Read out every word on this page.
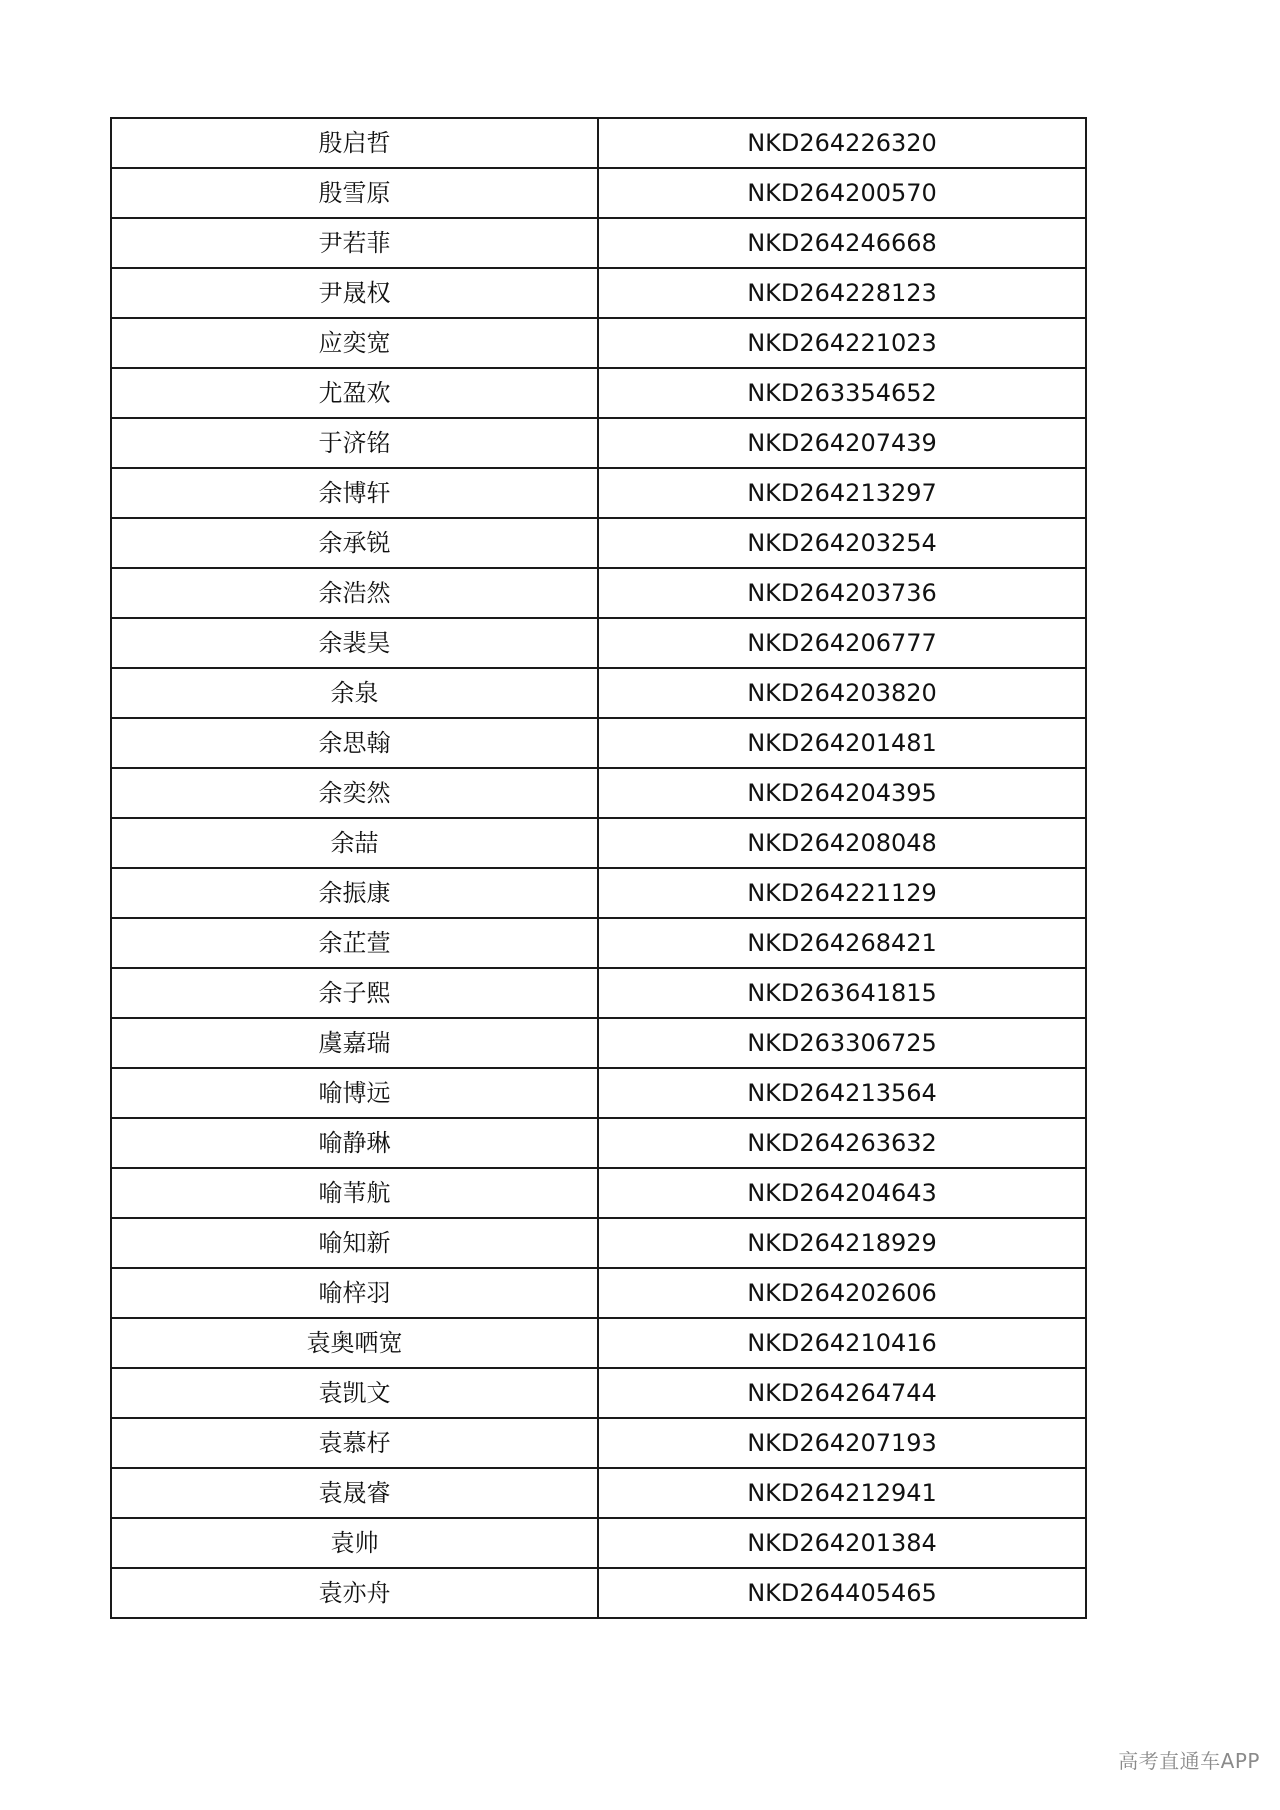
殷启哲	NKD264226320
殷雪原	NKD264200570
尹若菲	NKD264246668
尹晟权	NKD264228123
应奕宽	NKD264221023
尤盈欢	NKD263354652
于济铭	NKD264207439
余博轩	NKD264213297
余承锐	NKD264203254
余浩然	NKD264203736
余裴昊	NKD264206777
余泉	NKD264203820
余思翰	NKD264201481
余奕然	NKD264204395
余喆	NKD264208048
余振康	NKD264221129
余芷萱	NKD264268421
余子熙	NKD263641815
虞嘉瑞	NKD263306725
喻博远	NKD264213564
喻静琳	NKD264263632
喻苇航	NKD264204643
喻知新	NKD264218929
喻梓羽	NKD264202606
袁奥哂宽	NKD264210416
袁凯文	NKD264264744
袁慕杍	NKD264207193
袁晟睿	NKD264212941
袁帅	NKD264201384
袁亦舟	NKD264405465
高考直通车APP
